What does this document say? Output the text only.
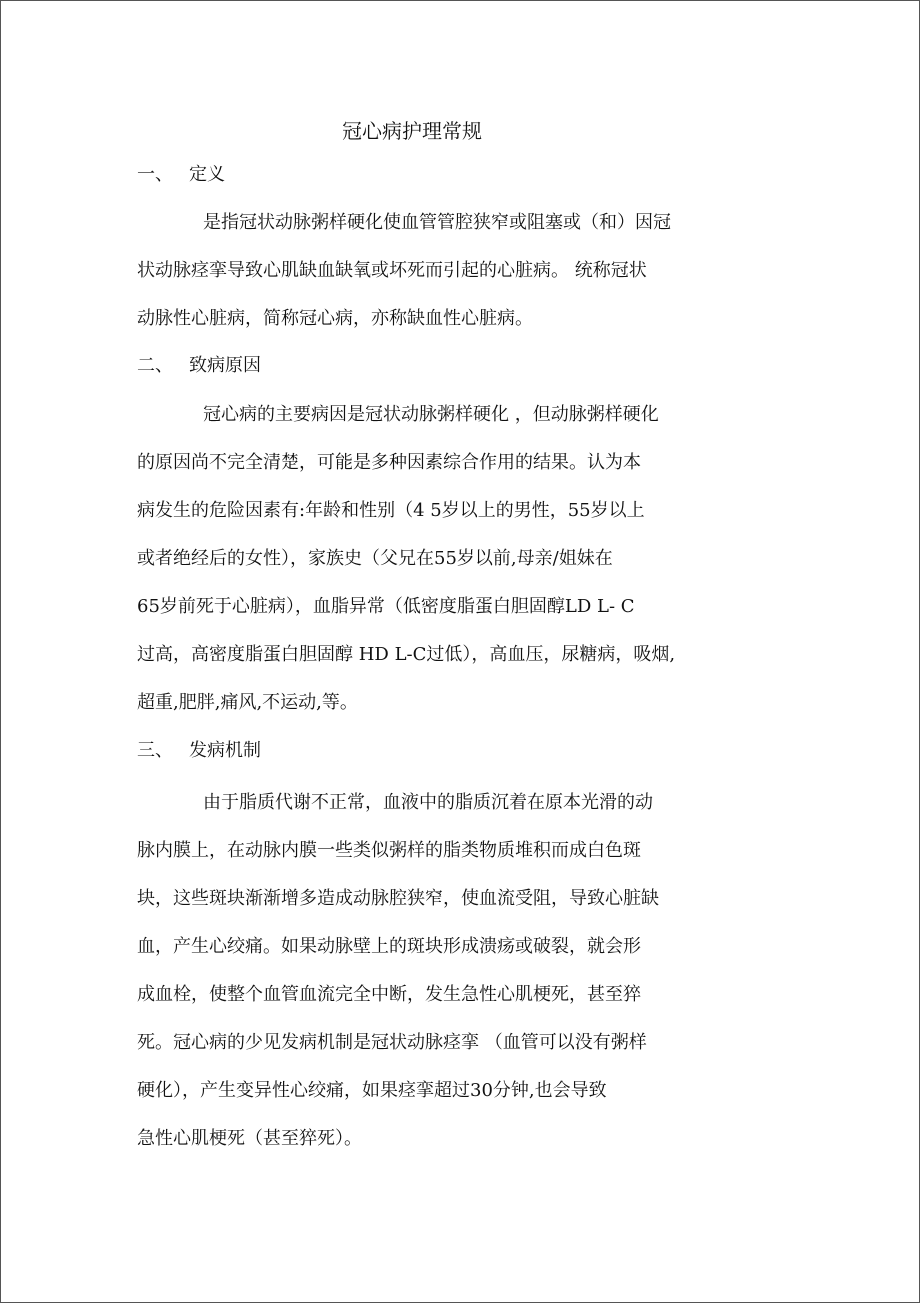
冠心病护理常规
一、 定义

是指冠状动脉粥样硬化使血管管腔狭窄或阻塞或（和）因冠

状动脉痉挛导致心肌缺血缺氧或坏死而引起的心脏病。 统称冠状

动脉性心脏病，简称冠心病，亦称缺血性心脏病。

二、 致病原因

冠心病的主要病因是冠状动脉粥样硬化 ，但动脉粥样硬化

的原因尚不完全清楚，可能是多种因素综合作用的结果。认为本

病发生的危险因素有:年龄和性别（4 5岁以上的男性，55岁以上

或者绝经后的女性），家族史（父兄在55岁以前,母亲/姐妹在

65岁前死于心脏病），血脂异常（低密度脂蛋白胆固醇LD L- C

过高，高密度脂蛋白胆固醇 HD L-C过低），高血压，尿糖病，吸烟,

超重,肥胖,痛风,不运动,等。

三、 发病机制

由于脂质代谢不正常，血液中的脂质沉着在原本光滑的动

脉内膜上，在动脉内膜一些类似粥样的脂类物质堆积而成白色斑

块，这些斑块渐渐增多造成动脉腔狭窄，使血流受阻，导致心脏缺

血，产生心绞痛。如果动脉壁上的斑块形成溃疡或破裂，就会形

成血栓，使整个血管血流完全中断，发生急性心肌梗死，甚至猝

死。冠心病的少见发病机制是冠状动脉痉挛 （血管可以没有粥样

硬化），产生变异性心绞痛，如果痉挛超过30分钟,也会导致

急性心肌梗死（甚至猝死）。
